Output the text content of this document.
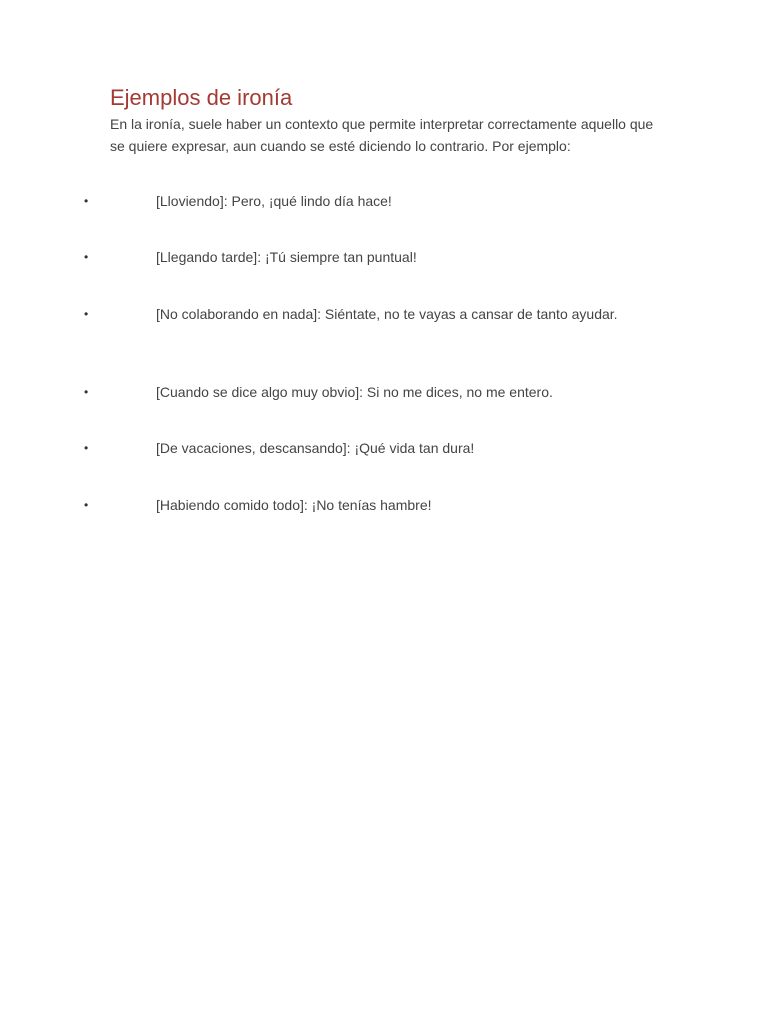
Ejemplos de ironía

En la ironía, suele haber un contexto que permite interpretar correctamente aquello que se quiere expresar, aun cuando se esté diciendo lo contrario. Por ejemplo:

•	[Lloviendo]: Pero, ¡qué lindo día hace!
•	[Llegando tarde]: ¡Tú siempre tan puntual!
•	[No colaborando en nada]: Siéntate, no te vayas a cansar de tanto ayudar.
•	[Cuando se dice algo muy obvio]: Si no me dices, no me entero.
•	[De vacaciones, descansando]: ¡Qué vida tan dura!
•	[Habiendo comido todo]: ¡No tenías hambre!
